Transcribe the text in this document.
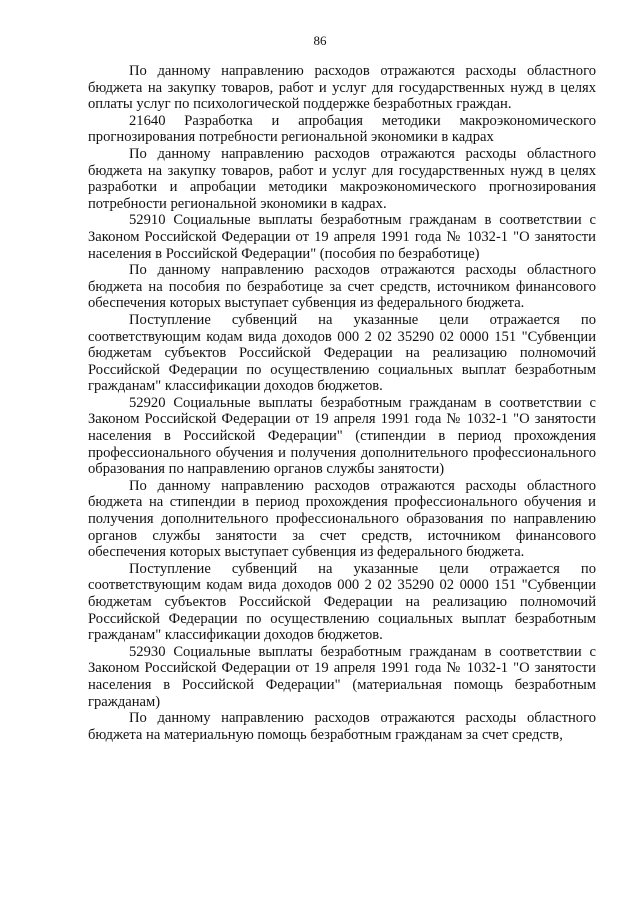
86

По данному направлению расходов отражаются расходы областного бюджета на закупку товаров, работ и услуг для государственных нужд в целях оплаты услуг по психологической поддержке безработных граждан.

21640 Разработка и апробация методики макроэкономического прогнозирования потребности региональной экономики в кадрах

По данному направлению расходов отражаются расходы областного бюджета на закупку товаров, работ и услуг для государственных нужд в целях разработки и апробации методики макроэкономического прогнозирования потребности региональной экономики в кадрах.

52910 Социальные выплаты безработным гражданам в соответствии с Законом Российской Федерации от 19 апреля 1991 года № 1032-1 "О занятости населения в Российской Федерации" (пособия по безработице)

По данному направлению расходов отражаются расходы областного бюджета на пособия по безработице за счет средств, источником финансового обеспечения которых выступает субвенция из федерального бюджета.

Поступление субвенций на указанные цели отражается по соответствующим кодам вида доходов 000 2 02 35290 02 0000 151 "Субвенции бюджетам субъектов Российской Федерации на реализацию полномочий Российской Федерации по осуществлению социальных выплат безработным гражданам" классификации доходов бюджетов.

52920 Социальные выплаты безработным гражданам в соответствии с Законом Российской Федерации от 19 апреля 1991 года № 1032-1 "О занятости населения в Российской Федерации" (стипендии в период прохождения профессионального обучения и получения дополнительного профессионального образования по направлению органов службы занятости)

По данному направлению расходов отражаются расходы областного бюджета на стипендии в период прохождения профессионального обучения и получения дополнительного профессионального образования по направлению органов службы занятости за счет средств, источником финансового обеспечения которых выступает субвенция из федерального бюджета.

Поступление субвенций на указанные цели отражается по соответствующим кодам вида доходов 000 2 02 35290 02 0000 151 "Субвенции бюджетам субъектов Российской Федерации на реализацию полномочий Российской Федерации по осуществлению социальных выплат безработным гражданам" классификации доходов бюджетов.

52930 Социальные выплаты безработным гражданам в соответствии с Законом Российской Федерации от 19 апреля 1991 года № 1032-1 "О занятости населения в Российской Федерации" (материальная помощь безработным гражданам)

По данному направлению расходов отражаются расходы областного бюджета на материальную помощь безработным гражданам за счет средств,
